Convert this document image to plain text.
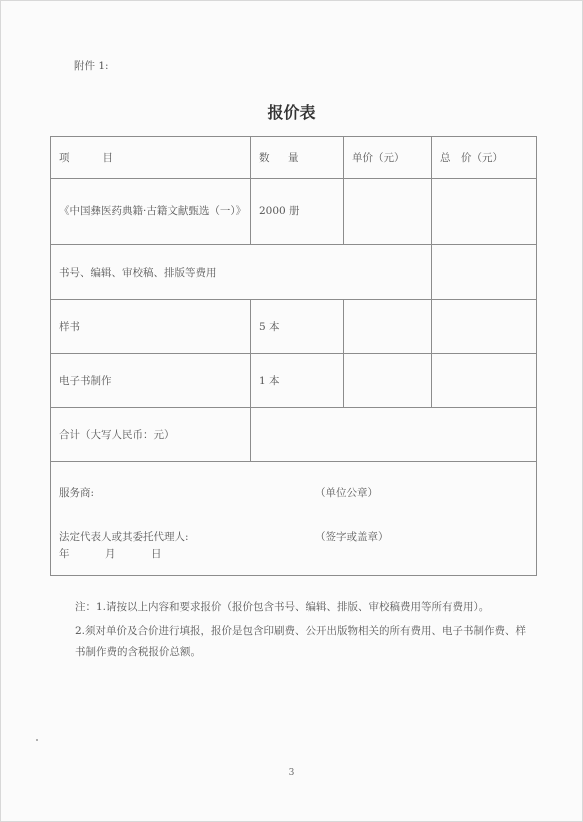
附件 1:
报价表
项　　目	数　量	单价（元）	总　价（元）
《中国彝医药典籍·古籍文献甄选（一）》	2000 册		
书号、编辑、审校稿、排版等费用			
样书	5 本		
电子书制作	1 本		
合计（大写人民币：元）			

服务商: （单位公章）
法定代表人或其委托代理人: （签字或盖章）
年 月 日			

注：1.请按以上内容和要求报价（报价包含书号、编辑、排版、审校稿费用等所有费用）。

2.须对单价及合价进行填报，报价是包含印刷费、公开出版物相关的所有费用、电子书制作费、样书制作费的含税报价总额。

3
